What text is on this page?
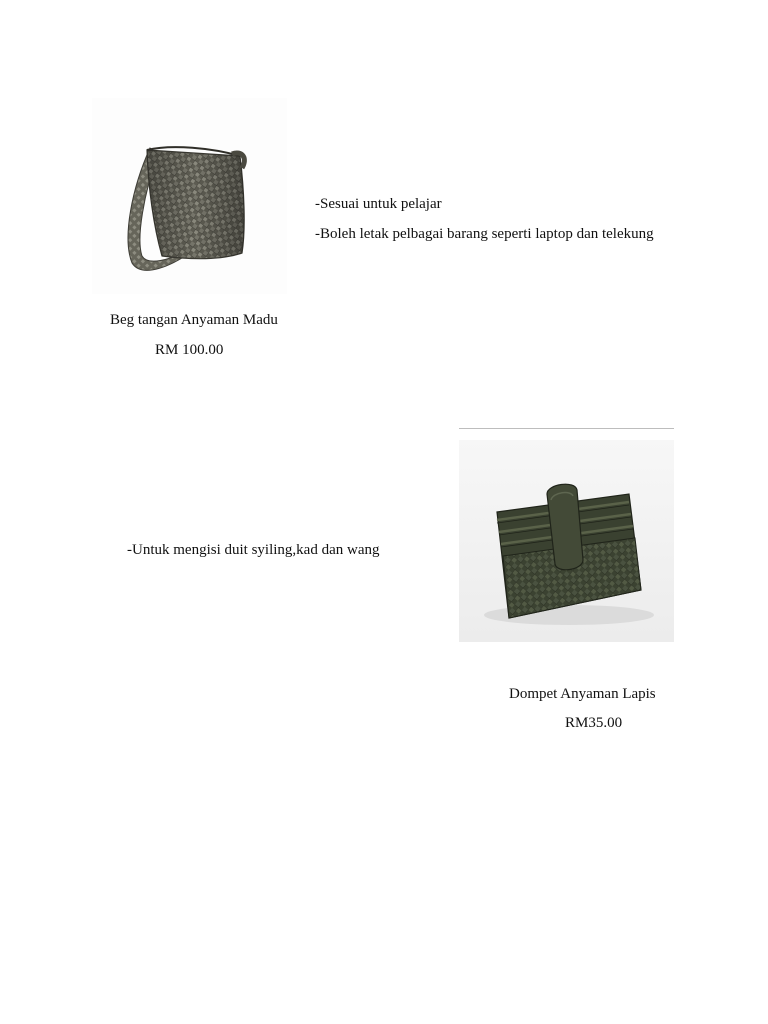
-Sesuai untuk pelajar
-Boleh letak pelbagai barang seperti laptop dan telekung
Beg tangan Anyaman Madu
RM 100.00
-Untuk mengisi duit syiling,kad dan wang
Dompet Anyaman Lapis
RM35.00
